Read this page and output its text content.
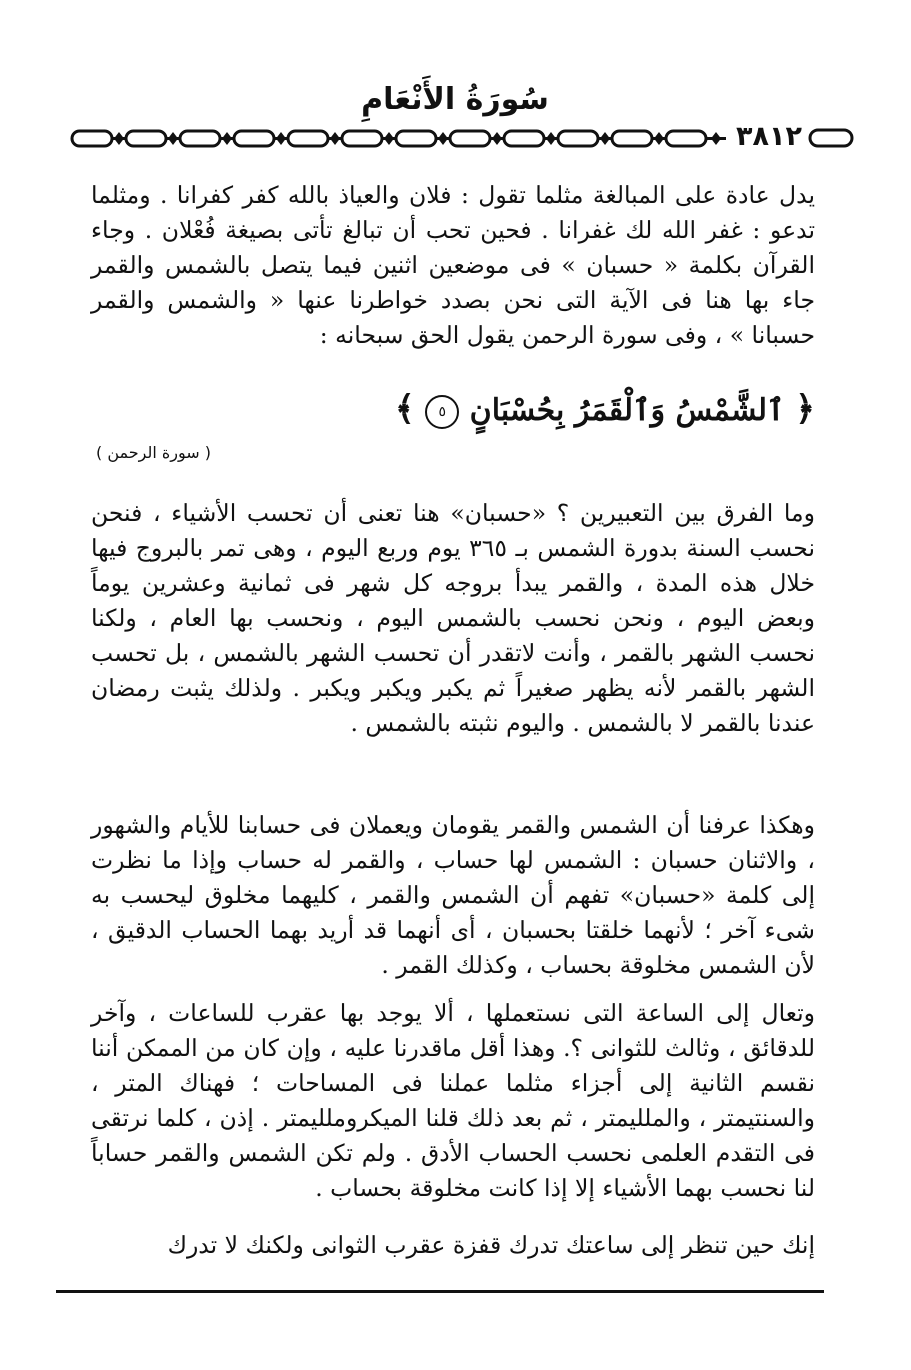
سُورَةُ الأَنْعَامِ
٣٨١٢

يدل عادة على المبالغة مثلما تقول : فلان والعياذ بالله كفر كفرانا . ومثلما تدعو : غفر الله لك غفرانا . فحين تحب أن تبالغ تأتى بصيغة فُعْلان . وجاء القرآن بكلمة « حسبان » فى موضعين اثنين فيما يتصل بالشمس والقمر جاء بها هنا فى الآية التى نحن بصدد خواطرنا عنها « والشمس والقمر حسبانا » ، وفى سورة الرحمن يقول الحق سبحانه :

﴿ ٱلشَّمْسُ وَٱلْقَمَرُ بِحُسْبَانٍ ٥ ﴾
( سورة الرحمن )

وما الفرق بين التعبيرين ؟ «حسبان» هنا تعنى أن تحسب الأشياء ، فنحن نحسب السنة بدورة الشمس بـ ٣٦٥ يوم وربع اليوم ، وهى تمر بالبروج فيها خلال هذه المدة ، والقمر يبدأ بروجه كل شهر فى ثمانية وعشرين يوماً وبعض اليوم ، ونحن نحسب بالشمس اليوم ، ونحسب بها العام ، ولكنا نحسب الشهر بالقمر ، وأنت لاتقدر أن تحسب الشهر بالشمس ، بل تحسب الشهر بالقمر لأنه يظهر صغيراً ثم يكبر ويكبر ويكبر . ولذلك يثبت رمضان عندنا بالقمر لا بالشمس . واليوم نثبته بالشمس .

وهكذا عرفنا أن الشمس والقمر يقومان ويعملان فى حسابنا للأيام والشهور ، والاثنان حسبان : الشمس لها حساب ، والقمر له حساب وإذا ما نظرت إلى كلمة «حسبان» تفهم أن الشمس والقمر ، كليهما مخلوق ليحسب به شىء آخر ؛ لأنهما خلقتا بحسبان ، أى أنهما قد أريد بهما الحساب الدقيق ، لأن الشمس مخلوقة بحساب ، وكذلك القمر .

وتعال إلى الساعة التى نستعملها ، ألا يوجد بها عقرب للساعات ، وآخر للدقائق ، وثالث للثوانى ؟. وهذا أقل ماقدرنا عليه ، وإن كان من الممكن أننا نقسم الثانية إلى أجزاء مثلما عملنا فى المساحات ؛ فهناك المتر ، والسنتيمتر ، والملليمتر ، ثم بعد ذلك قلنا الميكروملليمتر . إذن ، كلما نرتقى فى التقدم العلمى نحسب الحساب الأدق . ولم تكن الشمس والقمر حساباً لنا نحسب بهما الأشياء إلا إذا كانت مخلوقة بحساب .

إنك حين تنظر إلى ساعتك تدرك قفزة عقرب الثوانى ولكنك لا تدرك
